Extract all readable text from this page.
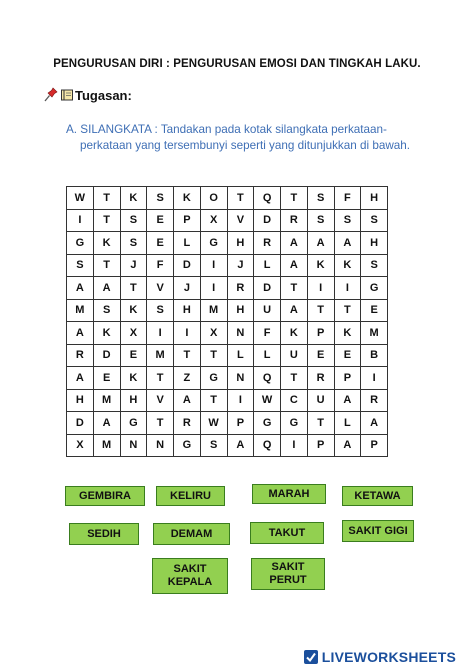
PENGURUSAN DIRI : PENGURUSAN EMOSI DAN TINGKAH LAKU.
Tugasan:
A. SILANGKATA : Tandakan pada kotak silangkata perkataan-
perkataan yang tersembunyi seperti yang ditunjukkan di bawah.
W	T	K	S	K	O	T	Q	T	S	F	H
I	T	S	E	P	X	V	D	R	S	S	S
G	K	S	E	L	G	H	R	A	A	A	H
S	T	J	F	D	I	J	L	A	K	K	S
A	A	T	V	J	I	R	D	T	I	I	G
M	S	K	S	H	M	H	U	A	T	T	E
A	K	X	I	I	X	N	F	K	P	K	M
R	D	E	M	T	T	L	L	U	E	E	B
A	E	K	T	Z	G	N	Q	T	R	P	I
H	M	H	V	A	T	I	W	C	U	A	R
D	A	G	T	R	W	P	G	G	T	L	A
X	M	N	N	G	S	A	Q	I	P	A	P
GEMBIRA	KELIRU	MARAH	KETAWA
SEDIH	DEMAM	TAKUT	SAKIT GIGI
SAKIT KEPALA
SAKIT PERUT
LIVEWORKSHEETS
